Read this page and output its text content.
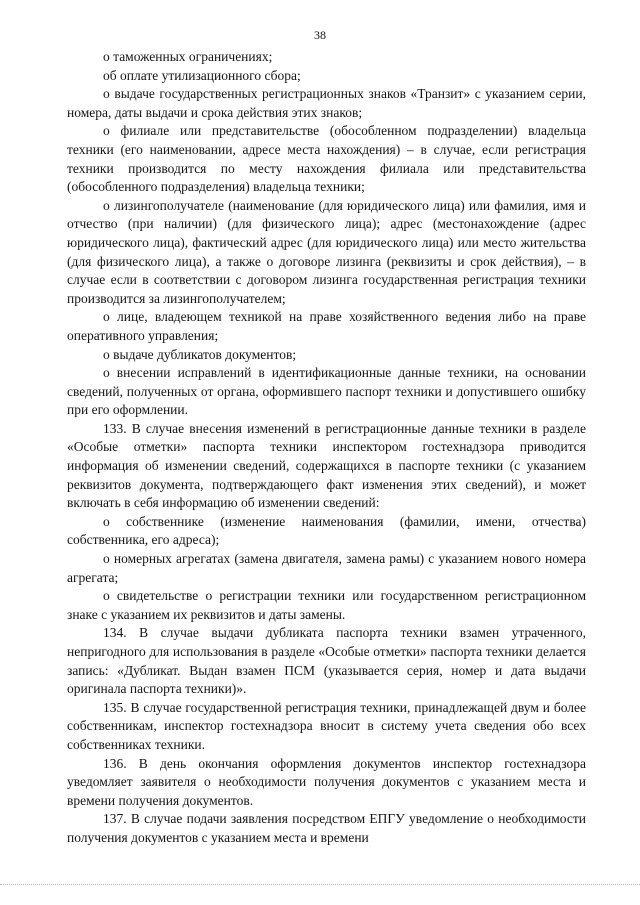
38

о таможенных ограничениях;

об оплате утилизационного сбора;

о выдаче государственных регистрационных знаков «Транзит» с указанием серии, номера, даты выдачи и срока действия этих знаков;

о филиале или представительстве (обособленном подразделении) владельца техники (его наименовании, адресе места нахождения) – в случае, если регистрация техники производится по месту нахождения филиала или представительства (обособленного подразделения) владельца техники;

о лизингополучателе (наименование (для юридического лица) или фамилия, имя и отчество (при наличии) (для физического лица); адрес (местонахождение (адрес юридического лица), фактический адрес (для юридического лица) или место жительства (для физического лица), а также о договоре лизинга (реквизиты и срок действия), – в случае если в соответствии с договором лизинга государственная регистрация техники производится за лизингополучателем;

о лице, владеющем техникой на праве хозяйственного ведения либо на праве оперативного управления;

о выдаче дубликатов документов;

о внесении исправлений в идентификационные данные техники, на основании сведений, полученных от органа, оформившего паспорт техники и допустившего ошибку при его оформлении.

133. В случае внесения изменений в регистрационные данные техники в разделе «Особые отметки» паспорта техники инспектором гостехнадзора приводится информация об изменении сведений, содержащихся в паспорте техники (с указанием реквизитов документа, подтверждающего факт изменения этих сведений), и может включать в себя информацию об изменении сведений:

о собственнике (изменение наименования (фамилии, имени, отчества) собственника, его адреса);

о номерных агрегатах (замена двигателя, замена рамы) с указанием нового номера агрегата;

о свидетельстве о регистрации техники или государственном регистрационном знаке с указанием их реквизитов и даты замены.

134. В случае выдачи дубликата паспорта техники взамен утраченного, непригодного для использования в разделе «Особые отметки» паспорта техники делается запись: «Дубликат. Выдан взамен ПСМ (указывается серия, номер и дата выдачи оригинала паспорта техники)».

135. В случае государственной регистрация техники, принадлежащей двум и более собственникам, инспектор гостехнадзора вносит в систему учета сведения обо всех собственниках техники.

136. В день окончания оформления документов инспектор гостехнадзора уведомляет заявителя о необходимости получения документов с указанием места и времени получения документов.

137. В случае подачи заявления посредством ЕПГУ уведомление о необходимости получения документов с указанием места и времени
